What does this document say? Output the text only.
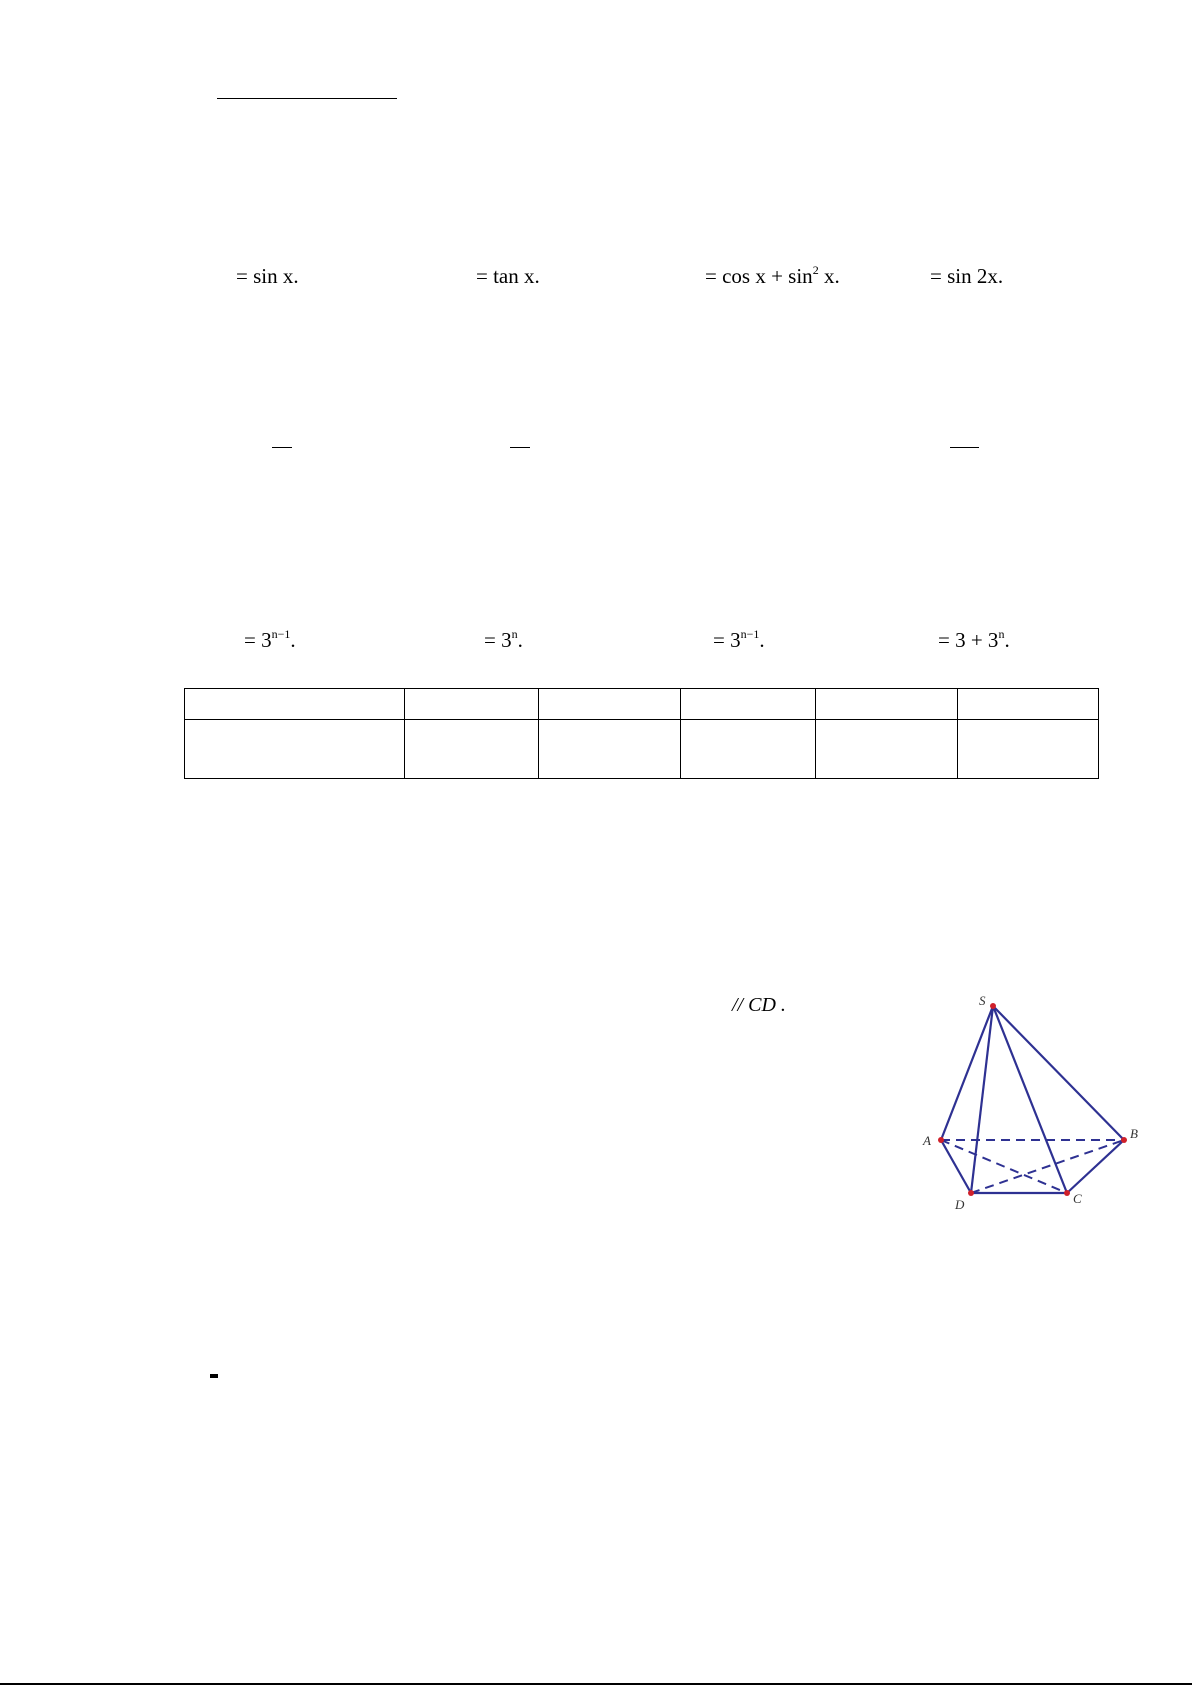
= sin x.	= tan x.	= $\cos x + \sin^2 x$.	= sin 2x.
= $3^{n-1}$.	= $3^n$.	= $3^{n-1}$.	= $3 + 3^n$.

// CD .	S
A	B
C
D
